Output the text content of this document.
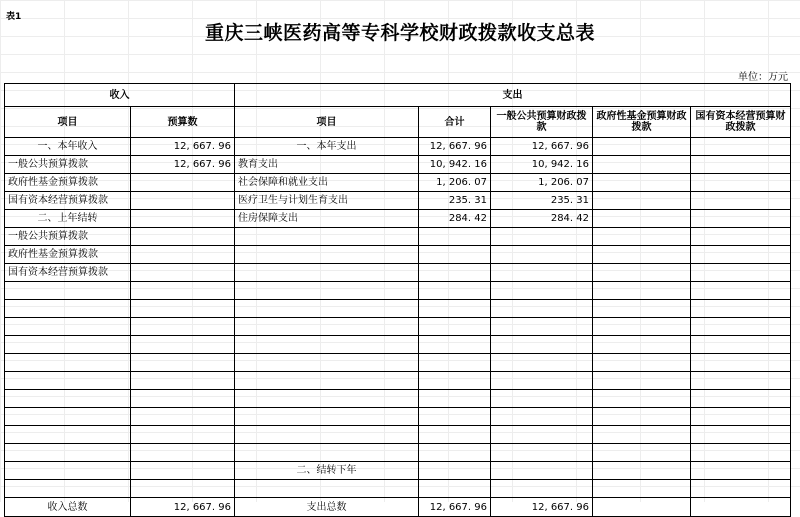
表1
重庆三峡医药高等专科学校财政拨款收支总表
单位：万元
收入		支出				
项目	预算数	项目	合计	一般公共预算财政拨款	政府性基金预算财政拨款	国有资本经营预算财政拨款
一、本年收入	12, 667. 96	一、本年支出	12, 667. 96	12, 667. 96		
一般公共预算拨款	12, 667. 96	教育支出	10, 942. 16	10, 942. 16		
政府性基金预算拨款		社会保障和就业支出	1, 206. 07	1, 206. 07		
国有资本经营预算拨款		医疗卫生与计划生育支出	235. 31	235. 31		
二、上年结转		住房保障支出	284. 42	284. 42		
一般公共预算拨款						
政府性基金预算拨款						
国有资本经营预算拨款						

		二、结转下年				

收入总数	12, 667. 96	支出总数	12, 667. 96	12, 667. 96		
